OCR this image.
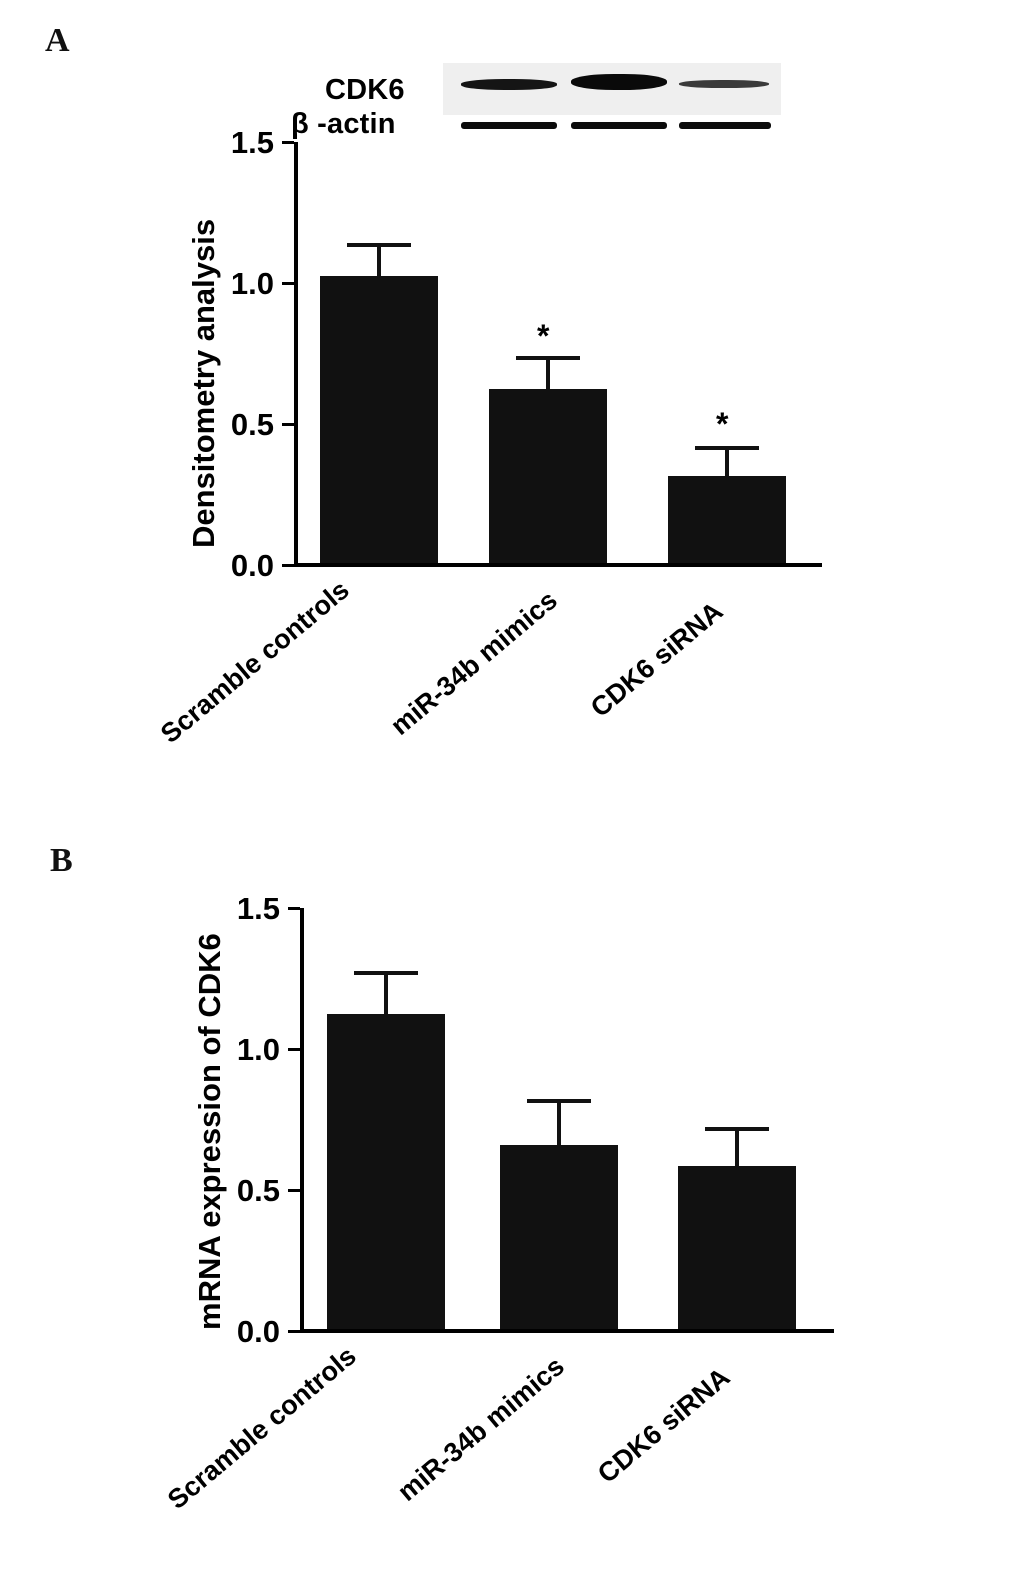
A
CDK6
β -actin
0.0
0.5
1.0
1.5
Densitometry analysis	*
*
Scramble controls miR-34b mimics CDK6 siRNA
B
0.0
0.5
1.0
1.5
mRNA expression of CDK6
Scramble controls miR-34b mimics CDK6 siRNA
